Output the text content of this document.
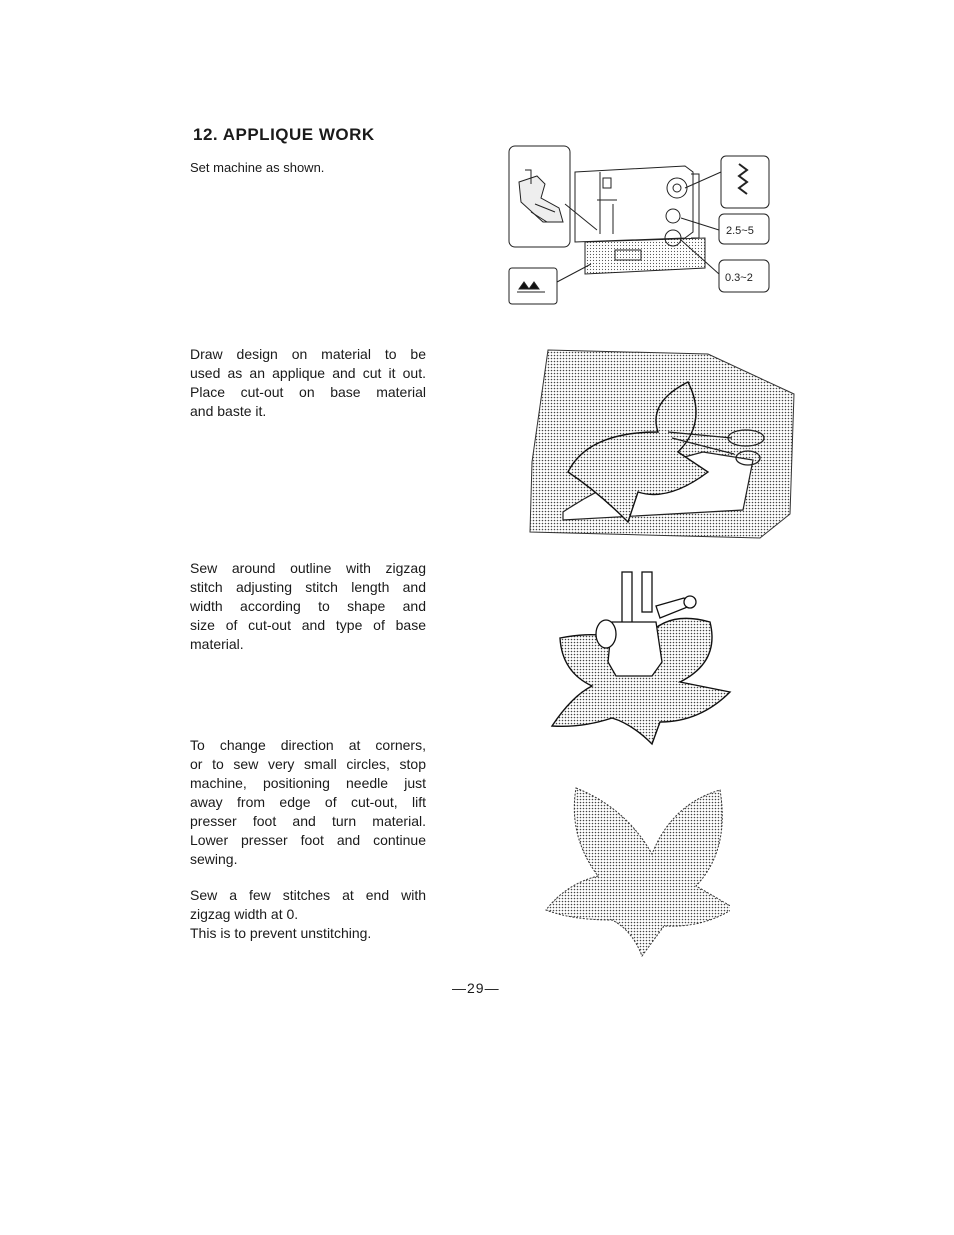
12. APPLIQUE WORK
Set machine as shown.
Draw design on material to be
used as an applique and cut it out.
Place cut-out on base material
and baste it.
Sew around outline with zigzag
stitch adjusting stitch length and
width according to shape and
size of cut-out and type of base
material.
To change direction at corners,
or to sew very small circles, stop
machine, positioning needle just
away from edge of cut-out, lift
presser foot and turn material.
Lower presser foot and continue
sewing.
Sew a few stitches at end with
zigzag width at 0.
This is to prevent unstitching.
2.5~5
0.3~2
—29—
